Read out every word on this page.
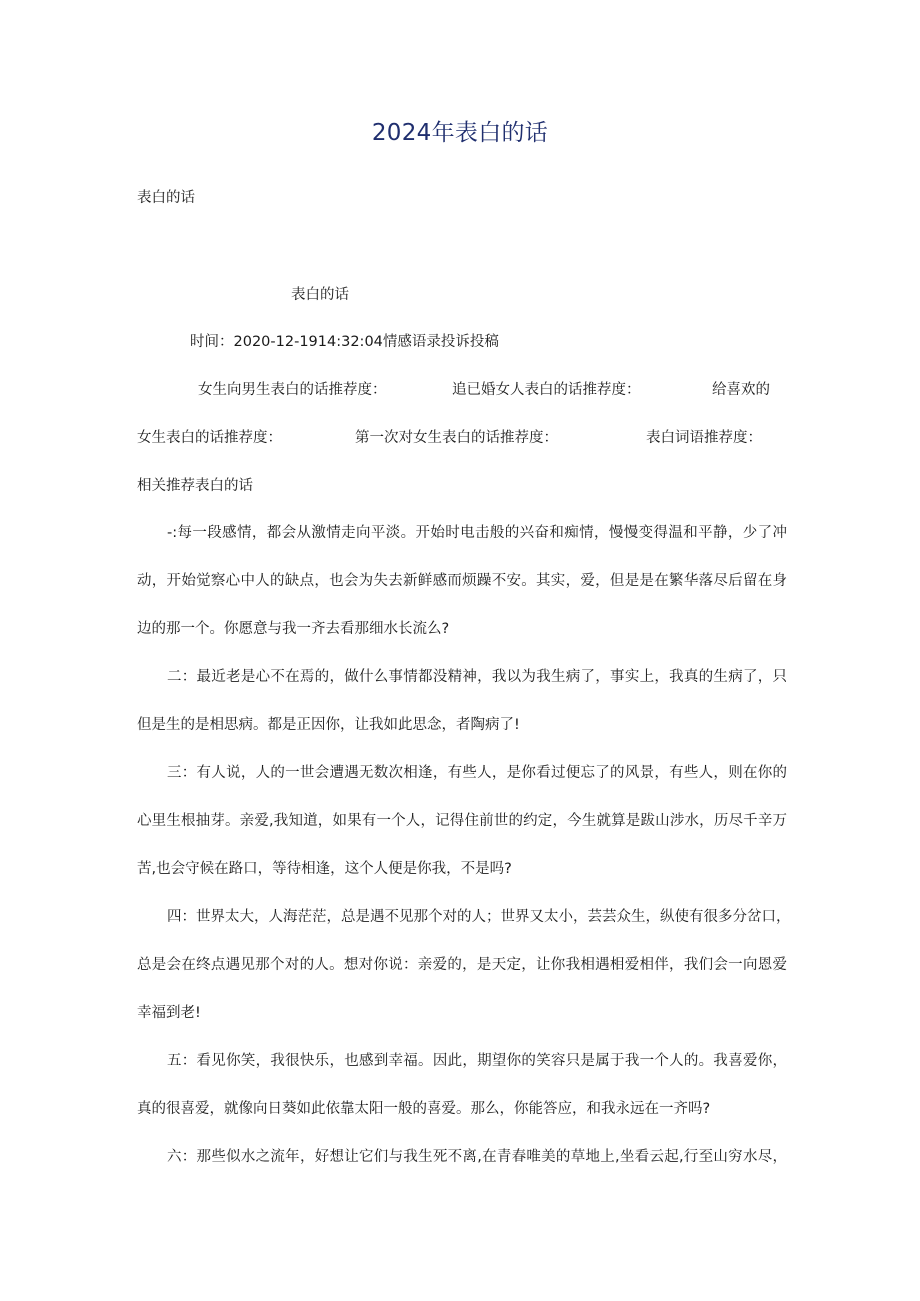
2024年表白的话
表白的话
表白的话
时间：2020-12-1914:32:04情感语录投诉投稿
女生向男生表白的话推荐度：	追已婚女人表白的话推荐度：	给喜欢的
女生表白的话推荐度：	第一次对女生表白的话推荐度：	表白词语推荐度：
相关推荐表白的话
-:每一段感情，都会从激情走向平淡。开始时电击般的兴奋和痴情，慢慢变得温和平静，少了冲
动，开始觉察心中人的缺点，也会为失去新鲜感而烦躁不安。其实，爱，但是是在繁华落尽后留在身
边的那一个。你愿意与我一齐去看那细水长流么?
二：最近老是心不在焉的，做什么事情都没精神，我以为我生病了，事实上，我真的生病了，只
但是生的是相思病。都是正因你，让我如此思念，者陶病了!
三：有人说，人的一世会遭遇无数次相逢，有些人，是你看过便忘了的风景，有些人，则在你的
心里生根抽芽。亲爱,我知道，如果有一个人，记得住前世的约定，今生就算是跋山涉水，历尽千辛万
苦,也会守候在路口，等待相逢，这个人便是你我，不是吗?
四：世界太大，人海茫茫，总是遇不见那个对的人；世界又太小，芸芸众生，纵使有很多分岔口，
总是会在终点遇见那个对的人。想对你说：亲爱的，是天定，让你我相遇相爱相伴，我们会一向恩爱
幸福到老!
五：看见你笑，我很快乐，也感到幸福。因此，期望你的笑容只是属于我一个人的。我喜爱你，
真的很喜爱，就像向日葵如此依靠太阳一般的喜爱。那么，你能答应，和我永远在一齐吗?
六：那些似水之流年，好想让它们与我生死不离,在青春唯美的草地上,坐看云起,行至山穷水尽，
